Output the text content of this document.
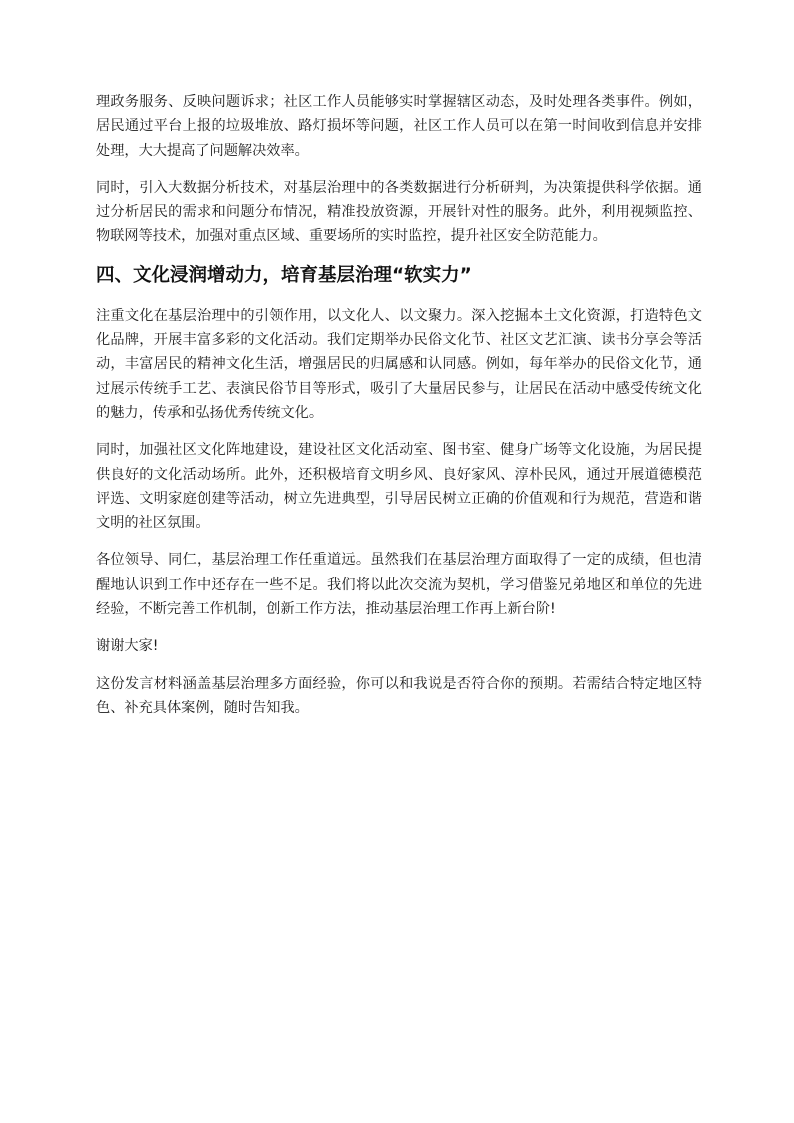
理政务服务、反映问题诉求；社区工作人员能够实时掌握辖区动态，及时处理各类事件。例如，居民通过平台上报的垃圾堆放、路灯损坏等问题，社区工作人员可以在第一时间收到信息并安排处理，大大提高了问题解决效率。

同时，引入大数据分析技术，对基层治理中的各类数据进行分析研判，为决策提供科学依据。通过分析居民的需求和问题分布情况，精准投放资源，开展针对性的服务。此外，利用视频监控、物联网等技术，加强对重点区域、重要场所的实时监控，提升社区安全防范能力。

四、文化浸润增动力，培育基层治理“软实力”

注重文化在基层治理中的引领作用，以文化人、以文聚力。深入挖掘本土文化资源，打造特色文化品牌，开展丰富多彩的文化活动。我们定期举办民俗文化节、社区文艺汇演、读书分享会等活动，丰富居民的精神文化生活，增强居民的归属感和认同感。例如，每年举办的民俗文化节，通过展示传统手工艺、表演民俗节目等形式，吸引了大量居民参与，让居民在活动中感受传统文化的魅力，传承和弘扬优秀传统文化。

同时，加强社区文化阵地建设，建设社区文化活动室、图书室、健身广场等文化设施，为居民提供良好的文化活动场所。此外，还积极培育文明乡风、良好家风、淳朴民风，通过开展道德模范评选、文明家庭创建等活动，树立先进典型，引导居民树立正确的价值观和行为规范，营造和谐文明的社区氛围。

各位领导、同仁，基层治理工作任重道远。虽然我们在基层治理方面取得了一定的成绩，但也清醒地认识到工作中还存在一些不足。我们将以此次交流为契机，学习借鉴兄弟地区和单位的先进经验，不断完善工作机制，创新工作方法，推动基层治理工作再上新台阶!

谢谢大家!

这份发言材料涵盖基层治理多方面经验，你可以和我说是否符合你的预期。若需结合特定地区特色、补充具体案例，随时告知我。
